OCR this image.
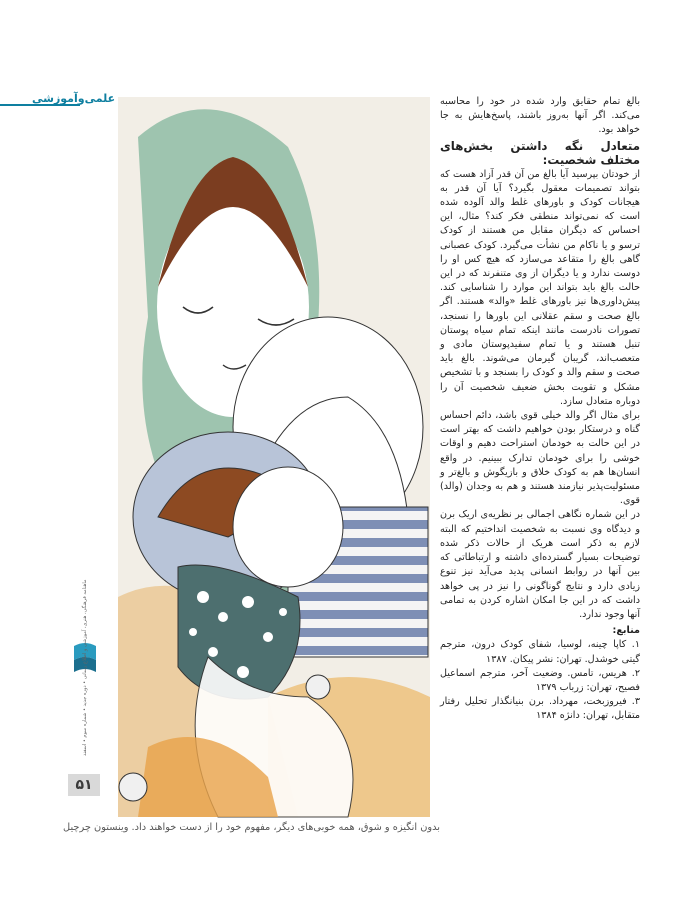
علمی‌و‌آموزشی	بالغ تمام حقایق وارد شده در خود را محاسبه می‌کند. اگر آنها به‌روز باشند، پاسخ‌هایش به جا خواهد بود.

متعادل نگه داشتن بخش‌های مختلف شخصیت:

از خودتان بپرسید آیا بالغ من آن قدر آزاد هست که بتواند تصمیمات معقول بگیرد؟ آیا آن قدر به هیجانات کودک و باورهای غلط والد آلوده شده است که نمی‌تواند منطقی فکر کند؟ مثال، این احساس که دیگران مقابل من هستند از کودک ترسو و یا ناکام من نشأت می‌گیرد. کودک عصبانی گاهی بالغ را متقاعد می‌سازد که هیچ کس او را دوست ندارد و یا دیگران از وی متنفرند که در این حالت بالغ باید بتواند این موارد را شناسایی کند. پیش‌داوری‌ها نیز باورهای غلط «والد» هستند. اگر بالغ صحت و سقم عقلانی این باورها را نسنجد، تصورات نادرست مانند اینکه تمام سیاه پوستان تنبل هستند و یا تمام سفیدپوستان مادی و متعصب‌اند، گریبان گیرمان می‌شوند. بالغ باید صحت و سقم والد و کودک را بسنجد و با تشخیص مشکل و تقویت بخش ضعیف شخصیت آن را دوباره متعادل سازد.

برای مثال اگر والد خیلی قوی باشد، دائم احساس گناه و درستکار بودن خواهیم داشت که بهتر است در این حالت به خودمان استراحت دهیم و اوقات خوشی را برای خودمان تدارک ببینیم. در واقع انسان‌ها هم به کودک خلاق و بازیگوش و بالغ‌تر و مسئولیت‌پذیر نیازمند هستند و هم به وجدان (والد) قوی.

در این شماره نگاهی اجمالی بر نظریه‌ی اریک برن و دیدگاه وی نسبت به شخصیت انداختیم که البته لازم به ذکر است هریک از حالات ذکر شده توضیحات بسیار گسترده‌ای داشته و ارتباطاتی که بین آنها در روابط انسانی پدید می‌آید نیز تنوع زیادی دارد و نتایج گوناگونی را نیز در پی خواهد داشت که در این جا امکان اشاره کردن به تمامی آنها وجود ندارد.

منابع:

۱. کاپا چینه، لوسیا، شفای کودک درون، مترجم گیتی خوشدل. تهران: نشر پیکان. ۱۳۸۷

۲. هریس، تامس. وضعیت آخر، مترجم اسماعیل فصیح، تهران: زرباب ۱۳۷۹

۳. فیروزبخت، مهرداد. برن بنیانگذار تحلیل رفتار متقابل، تهران: دانژه ۱۳۸۴

بدون انگیزه و شوق، همه خوبی‌های دیگر، مفهوم خود را از دست خواهند داد. وینستون چرچیل
۵۱
